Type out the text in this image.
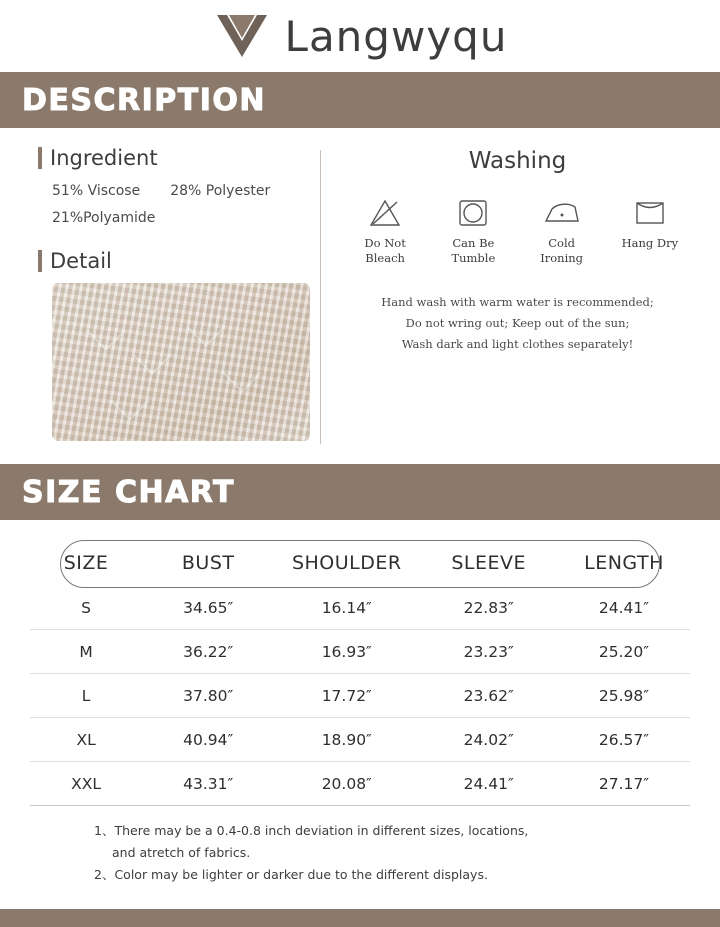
Langwyqu
DESCRIPTION
Ingredient
51% Viscose 28% Polyester
21%Polyamide
Detail
Washing
Do Not
Bleach
Can Be
Tumble
Cold
Ironing
Hang Dry
Hand wash with warm water is recommended;
Do not wring out; Keep out of the sun;
Wash dark and light clothes separately!
SIZE CHART
SIZE	BUST	SHOULDER	SLEEVE	LENGTH
S	34.65″	16.14″	22.83″	24.41″
M	36.22″	16.93″	23.23″	25.20″
L	37.80″	17.72″	23.62″	25.98″
XL	40.94″	18.90″	24.02″	26.57″
XXL	43.31″	20.08″	24.41″	27.17″
1、There may be a 0.4-0.8 inch deviation in different sizes, locations,
and atretch of fabrics.
2、Color may be lighter or darker due to the different displays.
